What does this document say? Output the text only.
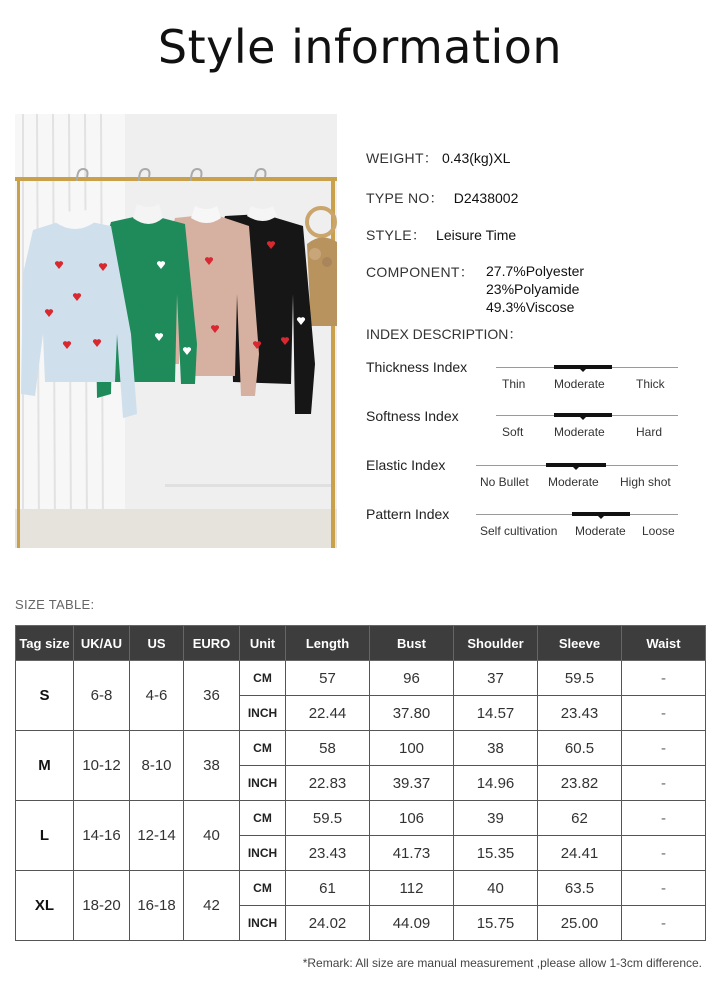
Style information
WEIGHT： 0.43(kg)XL
TYPE NO： D2438002
STYLE： Leisure Time
COMPONENT： 27.7%Polyester
23%Polyamide
49.3%Viscose
INDEX DESCRIPTION：
Thickness Index
Thin Moderate	Thick
Softness Index
Soft	Moderate	Hard
Elastic Index
No Bullet Moderate High shot
Pattern Index
Self cultivation Moderate Loose
SIZE TABLE:
Tag size	UK/AU	US	EURO	Unit	Length	Bust	Shoulder	Sleeve	Waist
S	6-8	4-6	36	CM	57	96	37	59.5	-
				INCH	22.44	37.80	14.57	23.43	-
M	10-12	8-10	38	CM	58	100	38	60.5	-
				INCH	22.83	39.37	14.96	23.82	-
L	14-16	12-14	40	CM	59.5	106	39	62	-
				INCH	23.43	41.73	15.35	24.41	-
XL	18-20	16-18	42	CM	61	112	40	63.5	-
				INCH	24.02	44.09	15.75	25.00	-
*Remark: All size are manual measurement ,please allow 1-3cm difference.
